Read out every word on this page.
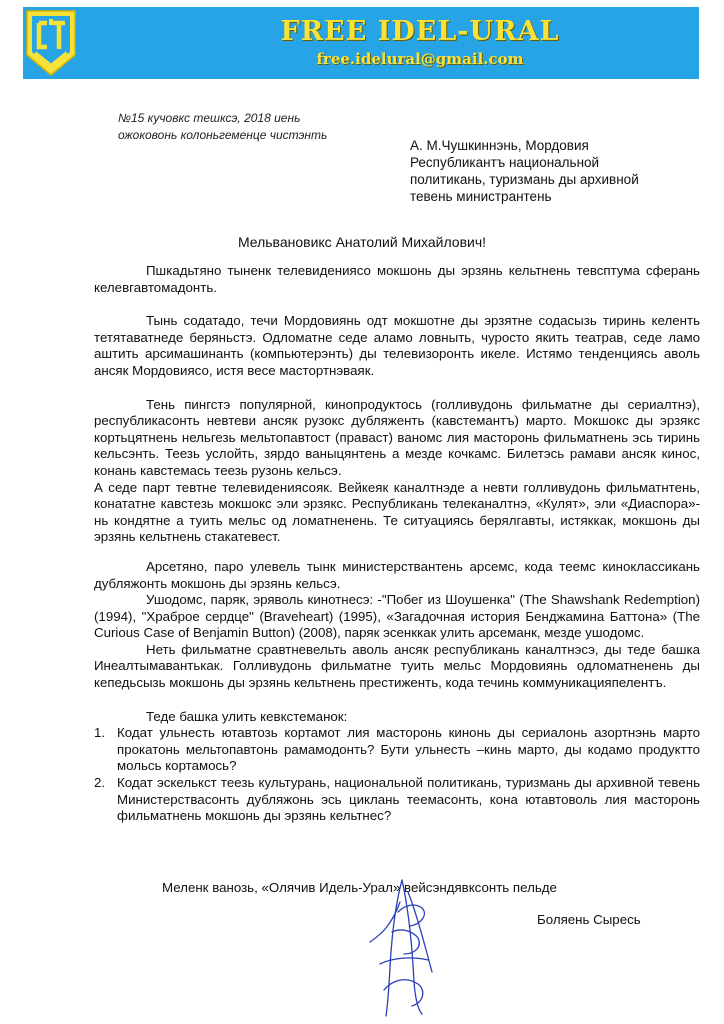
FREE IDEL-URAL
free.idelural@gmail.com
№15 кучовкс тешксэ, 2018 иень
ожоковонь колоньгеменце чистэнть
А. М.Чушкиннэнь, Мордовия
Республикантъ национальной
политикань, туризмань ды архивной
тевень министрантень
Мельвановикс Анатолий Михайлович!

Пшкадьтяно тыненк телевидениясо мокшонь ды эрзянь кельтнень тевсптума сферань келевгавтомадонть.

Тынь содатадо, течи Мордовиянь одт мокшотне ды эрзятне содасызь тиринь келенть тетятаватнеде беряньстэ. Одломатне седе аламо ловныть, чурocто якить театрав, седе ламо аштить арсимашинанть (компьютерэнть) ды телевизоронть икеле. Истямо тенденциясь аволь ансяк Мордовиясо, истя весе мастортнэваяк.

Тень пингстэ популярной, кинопродуктось (голливудонь фильматне ды сериалтнэ), республикасонть невтеви ансяк рузокс дубляженть (кавстемантъ) марто. Мокшокс ды эрзякс кортьцятнень нельгезь мельтопавтост (праваст) ваномс лия масторонь фильматнень эсь тиринь кельсэнть. Теезь услойть, зярдо ваныцянтень а мезде кочкамс. Билетэсь рамави ансяк кинос, конань кавстемась теезь рузонь кельсэ.

А седе парт тевтне телевидениясояк. Вейкеяк каналтнэде а невти голливудонь фильматнтень, конататне кавстезь мокшокс эли эрзякс. Республикань телеканалтнэ, «Кулят», эли «Диаспора»-нь кондятне а туить мельс од ломатненень. Те ситуациясь берялгавты, истяккак, мокшонь ды эрзянь кельтнень стакатевест.

Арсетяно, паро улевель тынк министерствантень арсемс, кода теемс киноклассикань дубляжонть мокшонь ды эрзянь кельсэ.

Ушодомс, паряк, эряволь кинотнеcэ: -"Побег из Шоушенка" (The Shawshank Redemption) (1994), "Храброе сердце" (Braveheart) (1995), «Загадочная история Бенджамина Баттона» (The Curious Case of Benjamin Button) (2008), паряк эсенккак улить арсеманк, мезде ушодомс.

Неть фильматне сравтневельть аволь ансяк республикань каналтнэсэ, ды теде башка Инеалтымавантькак. Голливудонь фильматне туить мельс Мордовиянь одломатненень ды кепедьсызь мокшонь ды эрзянь кельтнень престиженть, кода течинь коммуникацияпелентъ.

Теде башка улить кевкстеманок:

1. Кодат ульнесть ютавтозь кортамот лия масторонь кинонь ды сериалонь азортнэнь марто прокатонь мельтопавтонь рамамодонть? Бути ульнесть –кинь марто, ды кодамо продуктто мольсь кортамось?
2. Кодат эскелькст теезь культурань, национальной политикань, туризмань ды архивной тевень Министерствасонть дубляжонь эсь циклань теемасонть, кона ютавтоволь лия масторонь фильматнень мокшонь ды эрзянь кельтнес?
Меленк ванозь, «Олячив Идель-Урал» вейсэндявксонть пельде
Боляень Сыресь
